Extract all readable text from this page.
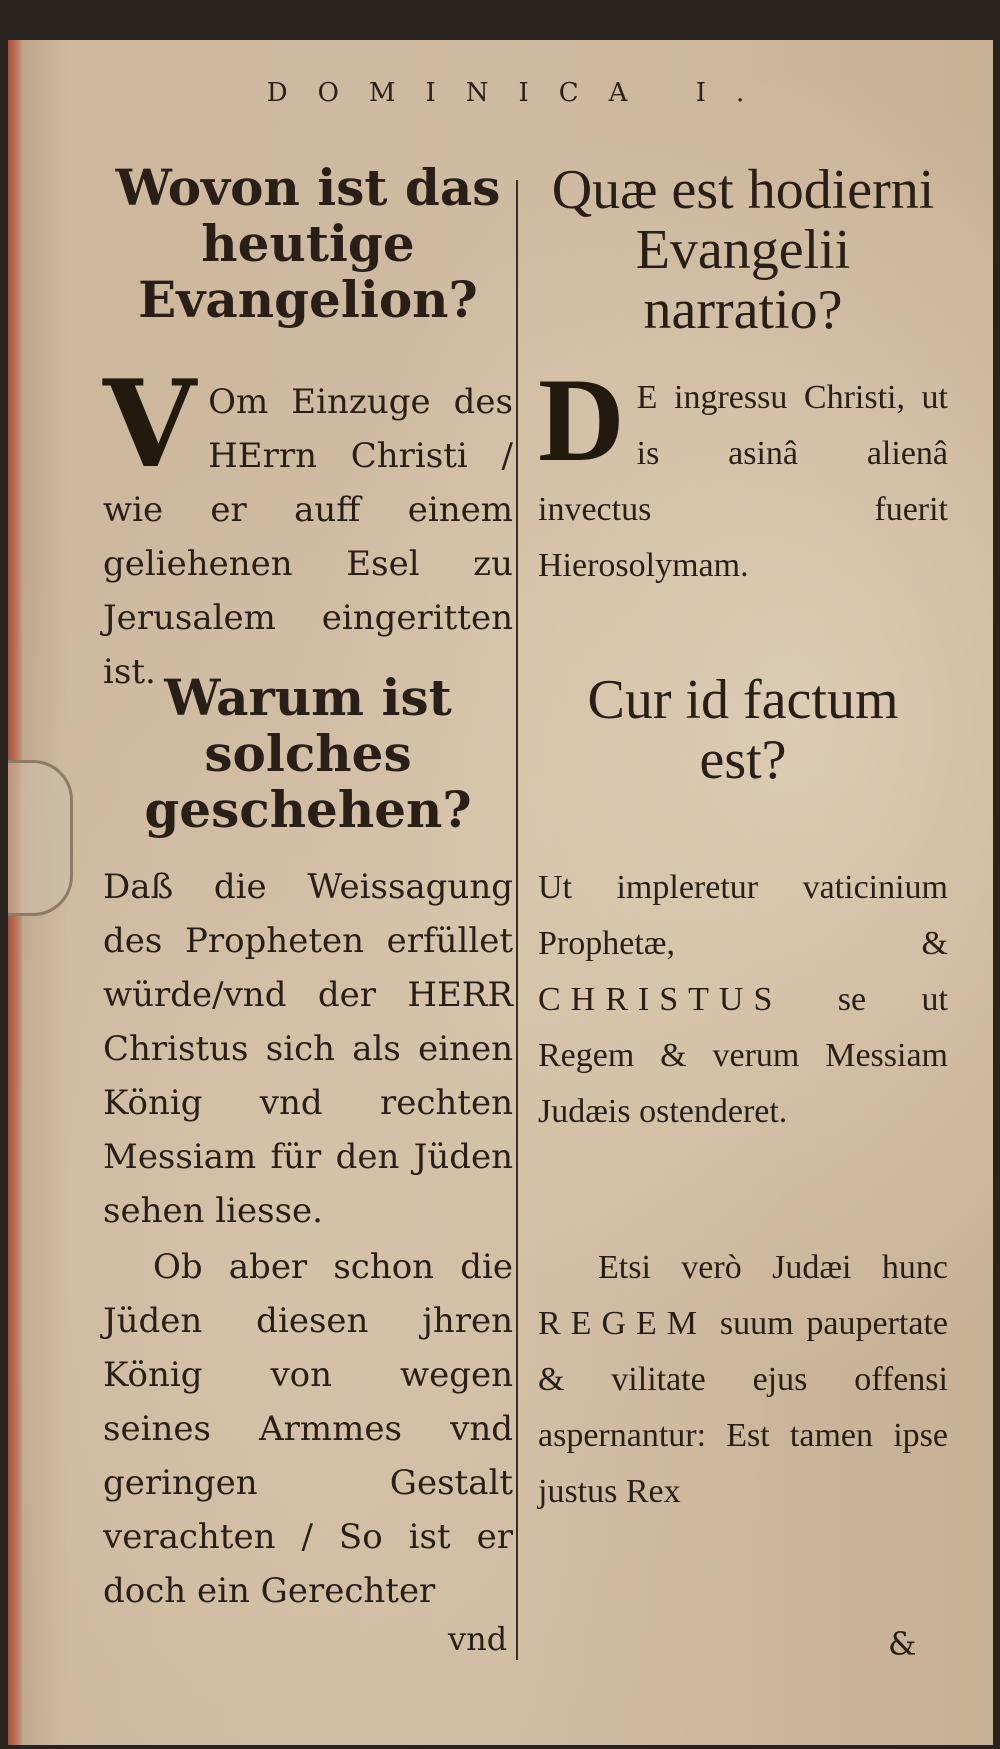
DOMINICA I.
Wovon ist das heutige Evangelion?
Quæ est hodierni Evangelii narratio?
V Om Einzuge des HErrn Christi / wie er auff einem geliehenen Esel zu Jerusalem eingeritten ist.
D E ingressu Christi, ut is asinâ alienâ invectus fuerit Hierosolymam.
Warum ist solches geschehen?
Cur id factum est?
Daß die Weissagung des Propheten erfüllet würde/vnd der HERR Christus sich als einen König vnd rechten Messiam für den Jüden sehen liesse.
Ut impleretur vaticinium Prophetæ, & CHRISTUS se ut Regem & verum Messiam Judæis ostenderet.
Ob aber schon die Jüden diesen jhren König von wegen seines Armmes vnd geringen Gestalt verachten / So ist er doch ein Gerechter
Etsi verò Judæi hunc REGEM suum paupertate & vilitate ejus offensi aspernantur: Est tamen ipse justus Rex
vnd	&
